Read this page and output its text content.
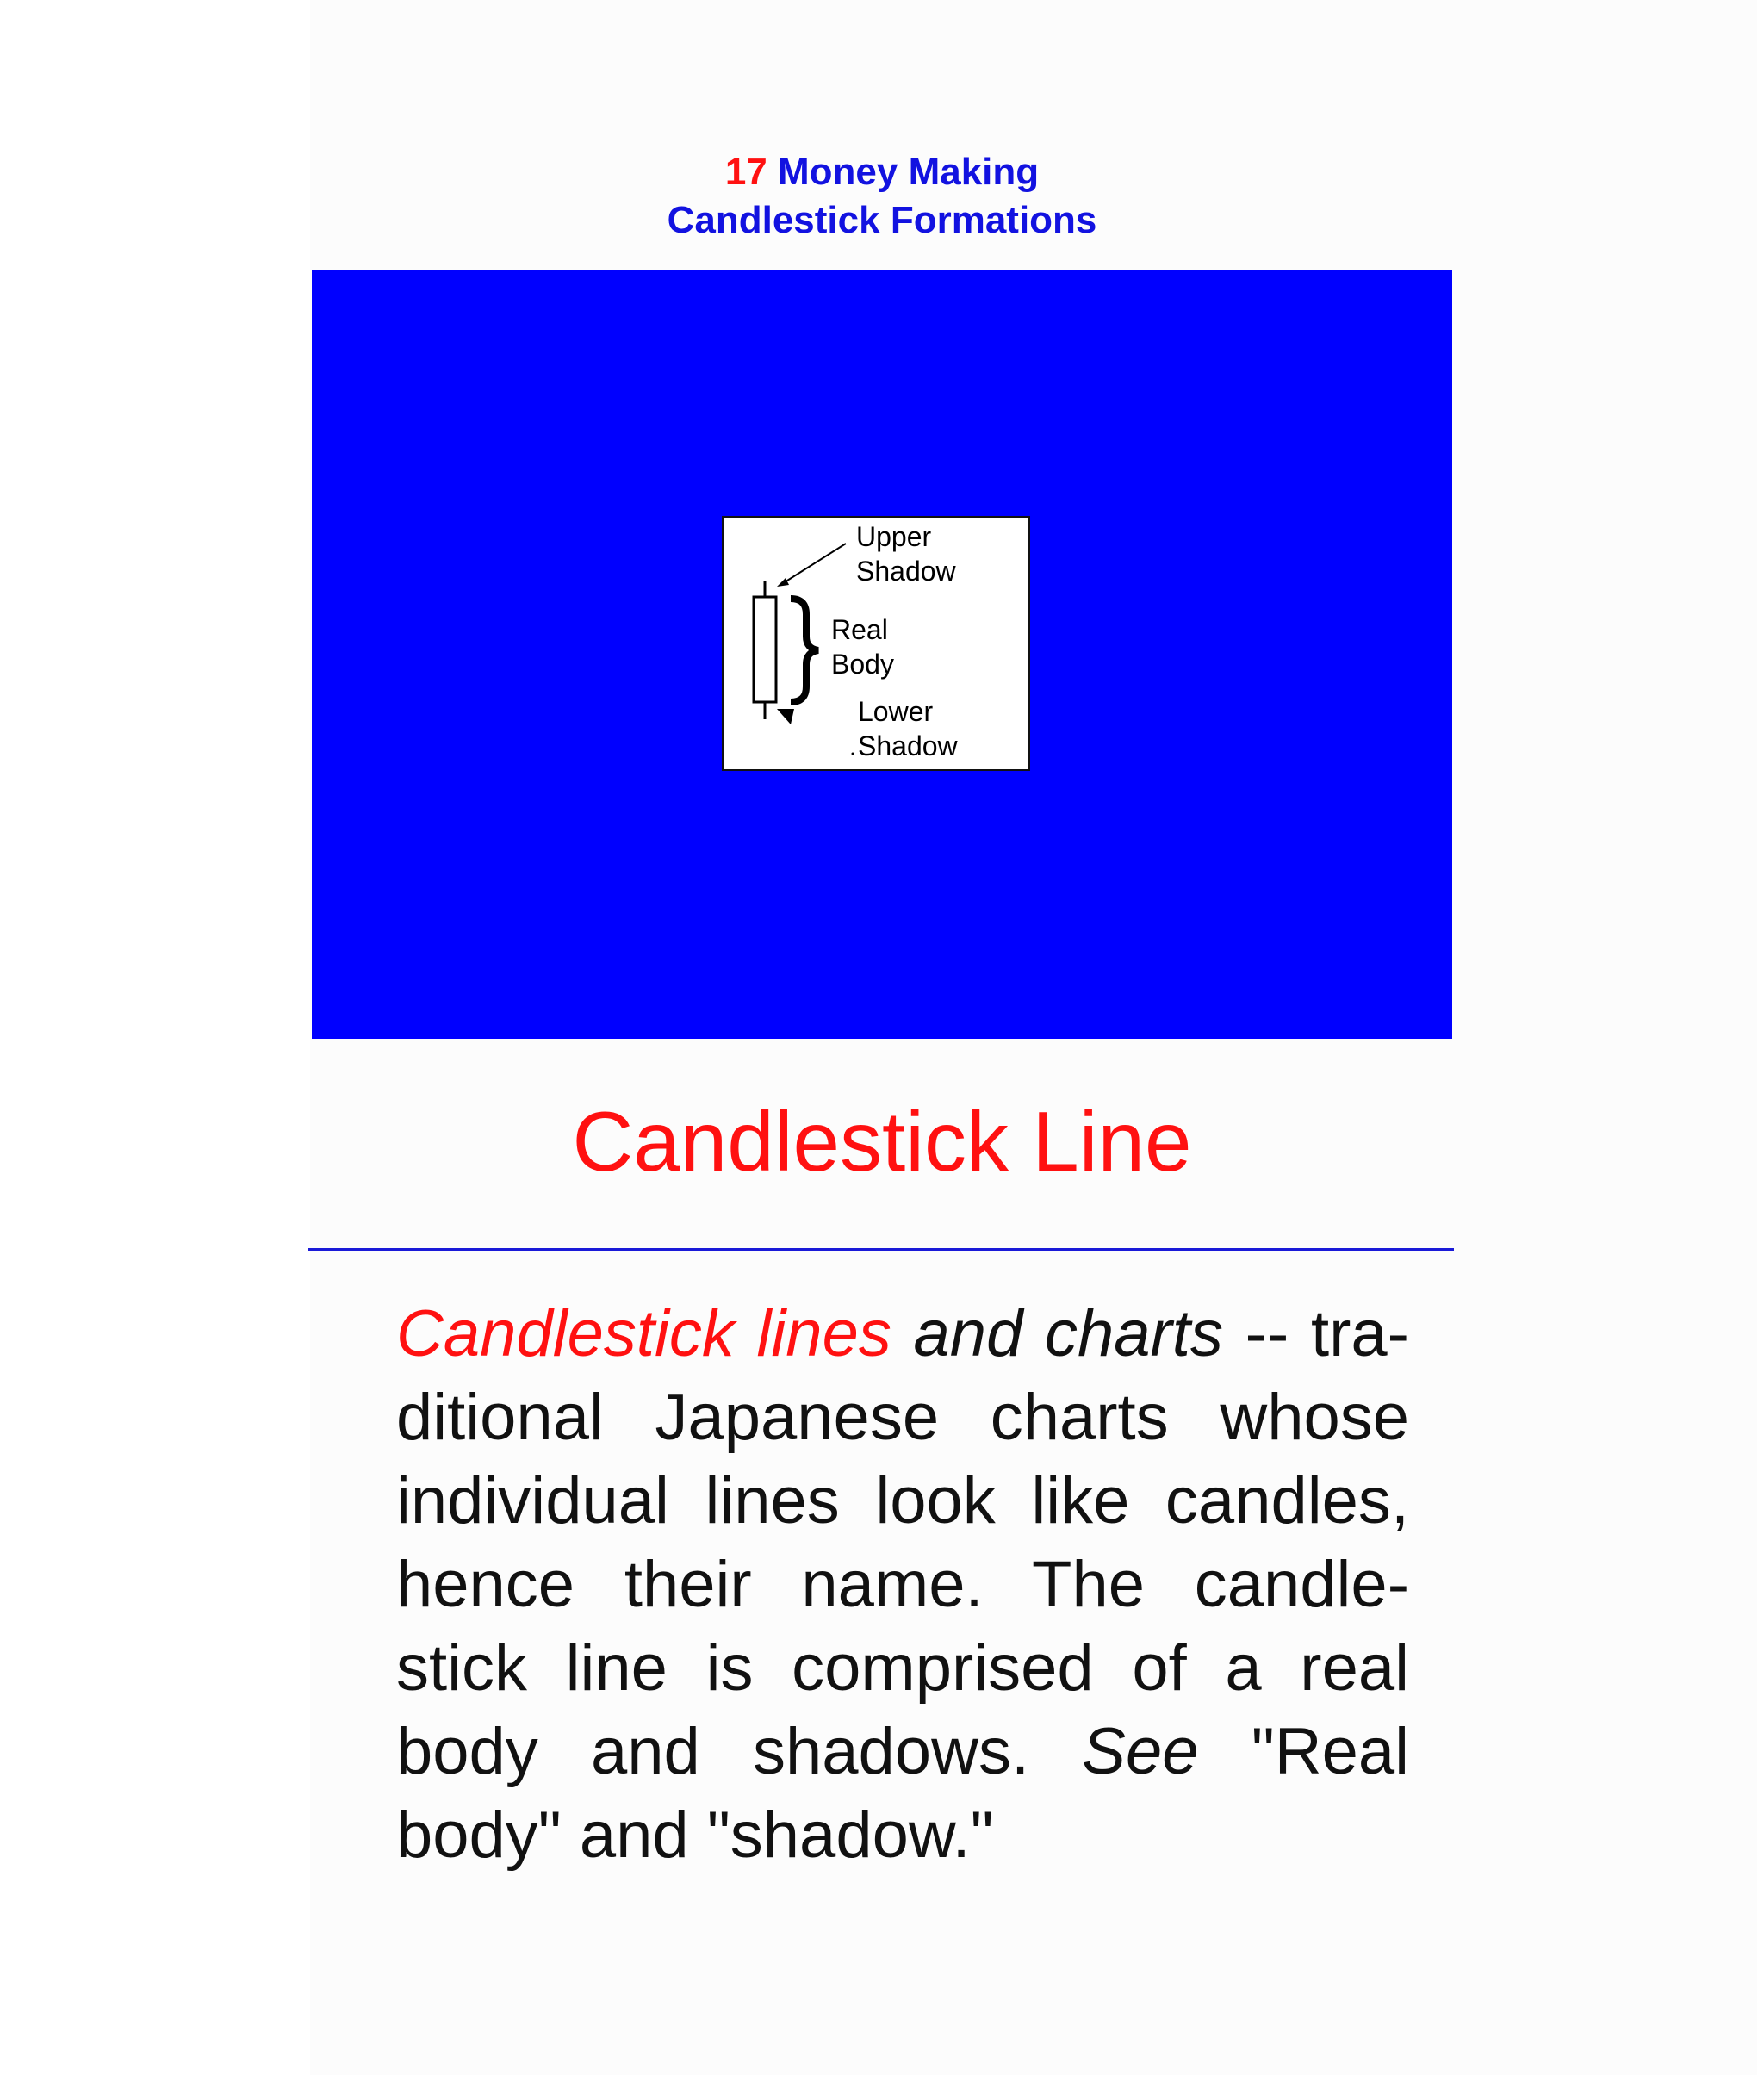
17 Money Making
Candlestick Formations
Upper
Shadow
Real
Body
Lower
Shadow
Candlestick Line
Candlestick lines and charts -- tra-ditional Japanese charts whose individual lines look like candles, hence their name. The candle-stick line is comprised of a real body and shadows. See "Real body" and "shadow."
